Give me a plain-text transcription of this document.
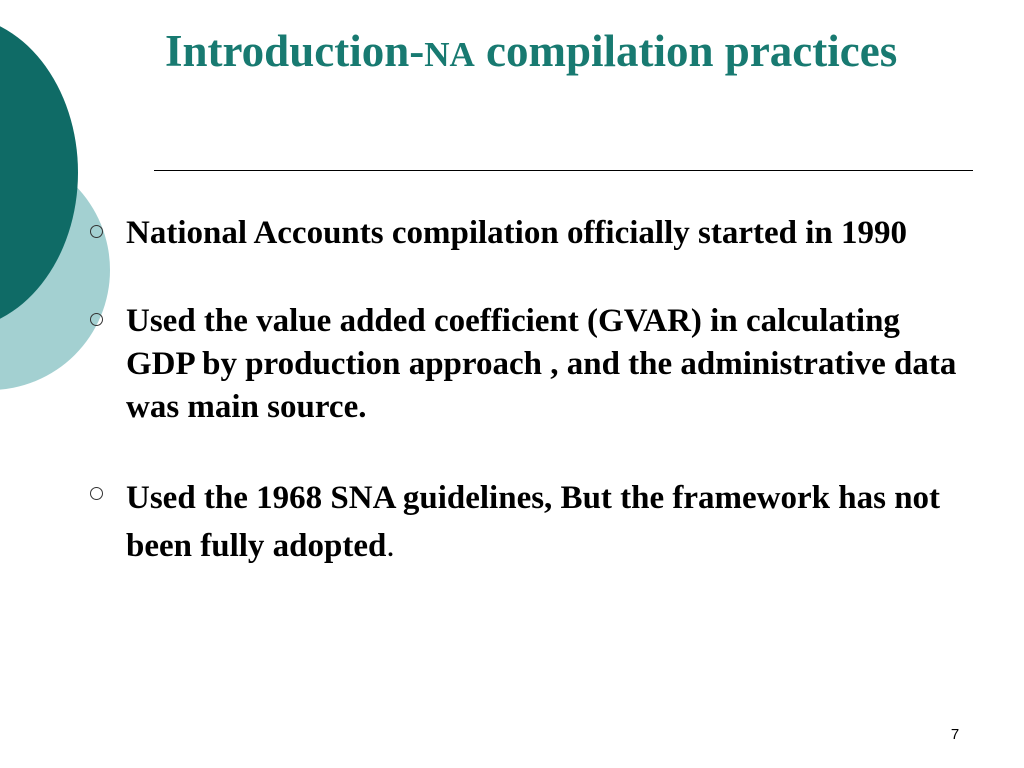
Introduction-NA compilation practices
National Accounts compilation officially started in 1990
Used the value added coefficient (GVAR) in calculating GDP by production approach , and the administrative data was main source.
Used the 1968 SNA guidelines, But the framework has not been fully adopted.
7
